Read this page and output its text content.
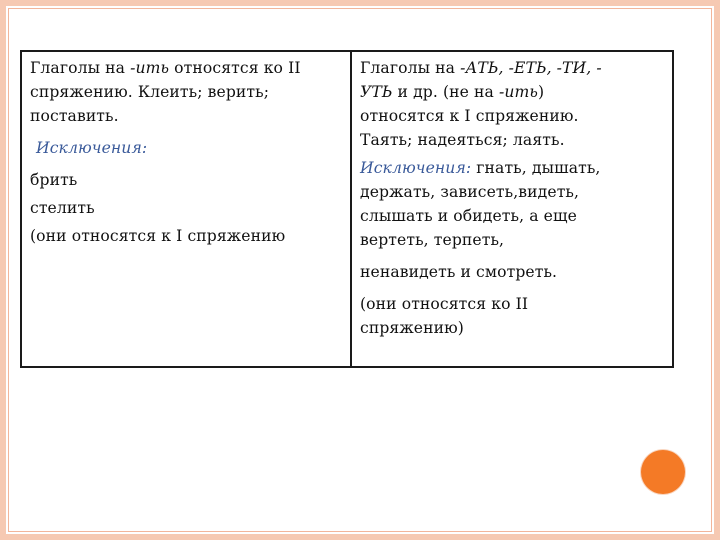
Глаголы на -ить относятся ко II

спряжению. Клеить; верить;

поставить.

Исключения:

брить

стелить

(они относятся к I спряжению

Глаголы на -АТЬ, -ЕТЬ, -ТИ, -

УТЬ и др. (не на -ить)

относятся к I спряжению.

Таять; надеяться; лаять.

Исключения: гнать, дышать,

держать, зависеть,видеть,

слышать и обидеть, а еще

вертеть, терпеть,

ненавидеть и смотреть.

(они относятся ко II

спряжению)
